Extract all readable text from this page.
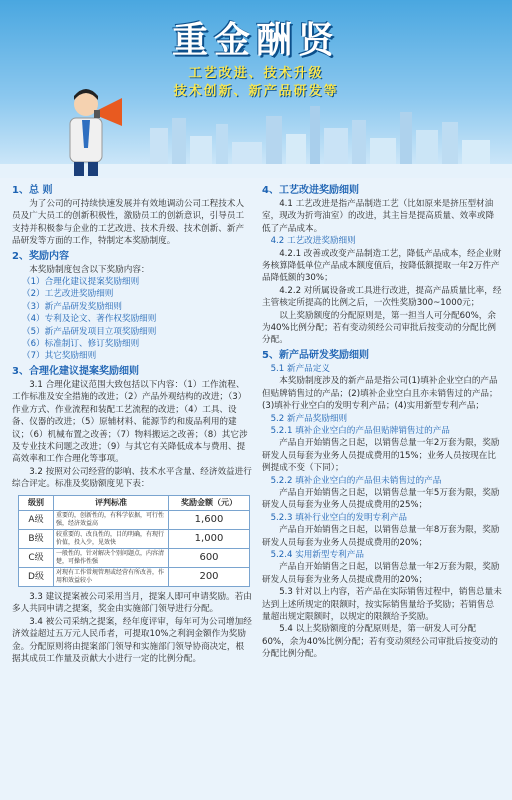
重金酬贤
工艺改进、技术升级
技术创新、新产品研发等
1、总 则

为了公司的可持续快速发展并有效地调动公司工程技术人员及广大员工的创新积极性，激励员工的创新意识，引导员工支持并积极参与企业的工艺改进、技术升级、技术创新、新产品研发等方面的工作，特制定本奖励制度。

2、奖励内容

本奖励制度包含以下奖励内容：

（1）合理化建议提案奖励细则

（2）工艺改进奖励细则

（3）新产品研发奖励细则

（4）专利及论文、著作权奖励细则

（5）新产品研发项目立项奖励细则

（6）标准制订、修订奖励细则

（7）其它奖励细则

3、合理化建议提案奖励细则

3.1 合理化建议范围大致包括以下内容：（1）工作流程、工作标准及安全措施的改进；（2）产品外观结构的改进；（3）作业方式、作业流程和装配工艺流程的改进；（4）工具、设备、仪器的改进；（5）原辅材料、能源节约和废品利用的建议；（6）机械布置之改善；（7）物料搬运之改善；（8）其它涉及专业技术问题之改进；（9）与其它有关降低成本与费用、提高效率和工作合理化等事项。

3.2 按照对公司经营的影响、技术水平含量、经济效益进行综合评定。标准及奖励额度见下表：

级别	评判标准	奖励金额（元）
A级	重要的，创新性的，有科学依据，可行性强，经济效益高	1,600
B级	较重要的、改良性的，目的明确，有现行价值，投入少，见效快	1,000
C级	一般性的，针对解决个别问题点，内容清楚，可操作性强	600
D级	对现有工作常规管理或经营有所改善，作用和效益较小	200

3.3 建议提案被公司采用当月，提案人即可申请奖励。若由多人共同申请之提案，奖金由实施部门领导进行分配。

3.4 被公司采纳之提案，经年度评审，每年可为公司增加经济效益超过五万元人民币者，可提取10%之利润金额作为奖励金。分配原则将由提案部门领导和实施部门领导协商决定，根据其成员工作量及贡献大小进行一定的比例分配。

4、工艺改进奖励细则

4.1 工艺改进是指产品制造工艺（比如原来是挤压型材油室，现改为折弯油室）的改进，其主旨是提高质量、效率或降低了产品成本。

4.2 工艺改进奖励细则

4.2.1 改善或改变产品制造工艺，降低产品成本，经企业财务核算降低单位产品成本额度值后，按降低额提取一年2万件产品降低额的30%；

4.2.2 对所属设备或工具进行改进，提高产品质量比率，经主管核定所提高的比例之后，一次性奖励300~1000元；

以上奖励额度的分配原则是，第一担当人可分配60%，余为40%比例分配；若有变动须经公司审批后按变动的分配比例分配。

5、新产品研发奖励细则

5.1 新产品定义

本奖励制度涉及的新产品是指公司(1)填补企业空白的产品但贴牌销售过的产品；(2)填补企业空白且亦未销售过的产品；(3)填补行业空白的发明专利产品；(4)实用新型专利产品；

5.2 新产品奖励细则

5.2.1 填补企业空白的产品但贴牌销售过的产品

产品自开始销售之日起，以销售总量一年2万套为限，奖励研发人员每套为业务人员提成费用的15%；业务人员按现在比例提成不变（下同）；

5.2.2 填补企业空白的产品但未销售过的产品

产品自开始销售之日起，以销售总量一年5万套为限，奖励研发人员每套为业务人员提成费用的25%；

5.2.3 填补行业空白的发明专利产品

产品自开始销售之日起，以销售总量一年8万套为限，奖励研发人员每套为业务人员提成费用的20%；

5.2.4 实用新型专利产品

产品自开始销售之日起，以销售总量一年2万套为限，奖励研发人员每套为业务人员提成费用的20%；

5.3 针对以上内容，若产品在实际销售过程中，销售总量未达到上述所规定的限额时，按实际销售量给予奖励；若销售总量超出规定限额时，以规定的限额给予奖励。

5.4 以上奖励额度的分配原则是，第一研发人可分配60%，余为40%比例分配；若有变动须经公司审批后按变动的分配比例分配。
